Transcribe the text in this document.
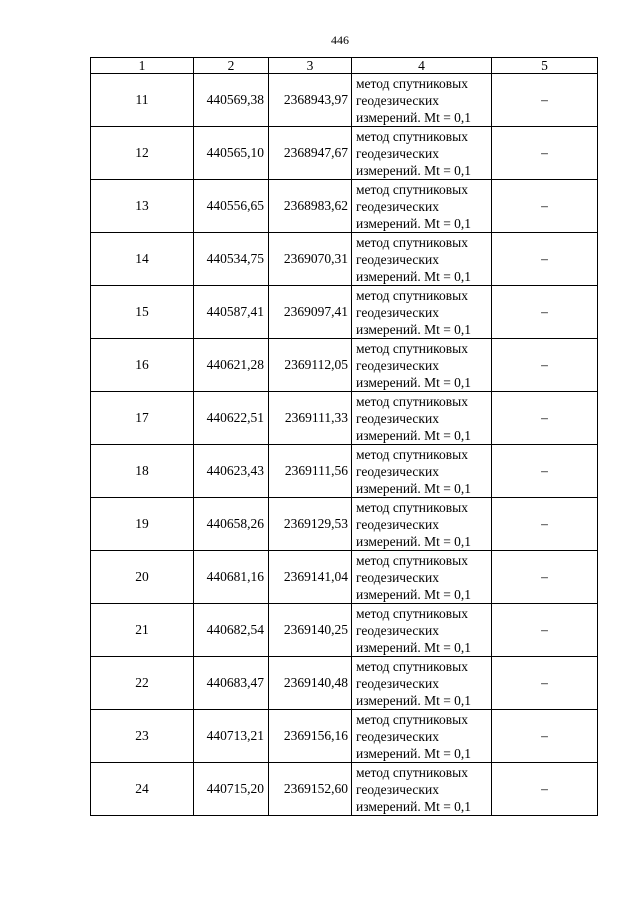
446
1	2	3	4	5
11	440569,38	2368943,97	метод спутниковых
геодезических
измерений. Mt = 0,1	–
12	440565,10	2368947,67	метод спутниковых
геодезических
измерений. Mt = 0,1	–
13	440556,65	2368983,62	метод спутниковых
геодезических
измерений. Mt = 0,1	–
14	440534,75	2369070,31	метод спутниковых
геодезических
измерений. Mt = 0,1	–
15	440587,41	2369097,41	метод спутниковых
геодезических
измерений. Mt = 0,1	–
16	440621,28	2369112,05	метод спутниковых
геодезических
измерений. Mt = 0,1	–
17	440622,51	2369111,33	метод спутниковых
геодезических
измерений. Mt = 0,1	–
18	440623,43	2369111,56	метод спутниковых
геодезических
измерений. Mt = 0,1	–
19	440658,26	2369129,53	метод спутниковых
геодезических
измерений. Mt = 0,1	–
20	440681,16	2369141,04	метод спутниковых
геодезических
измерений. Mt = 0,1	–
21	440682,54	2369140,25	метод спутниковых
геодезических
измерений. Mt = 0,1	–
22	440683,47	2369140,48	метод спутниковых
геодезических
измерений. Mt = 0,1	–
23	440713,21	2369156,16	метод спутниковых
геодезических
измерений. Mt = 0,1	–
24	440715,20	2369152,60	метод спутниковых
геодезических
измерений. Mt = 0,1	–
